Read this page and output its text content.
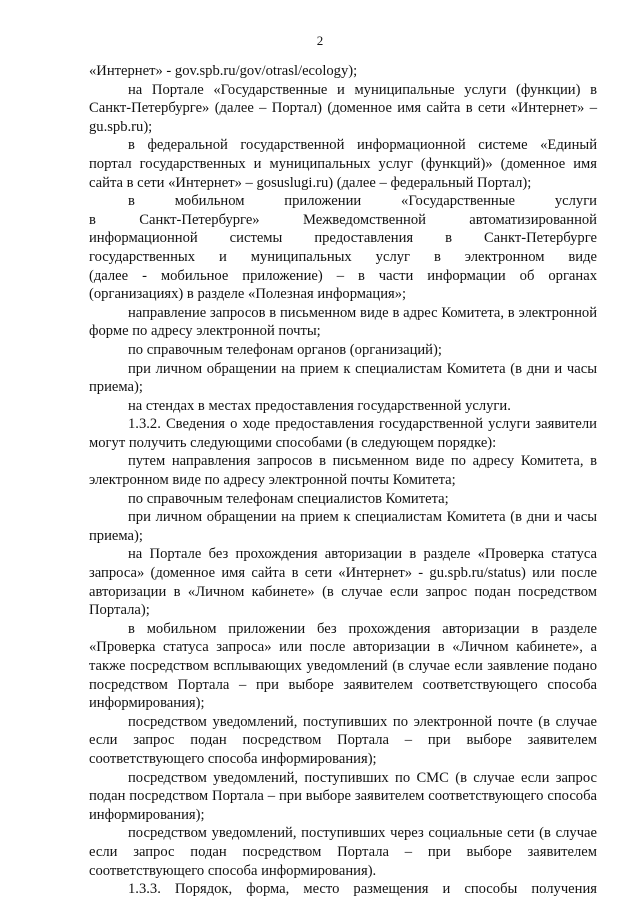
2
«Интернет» - gov.spb.ru/gov/otrasl/ecology);
на Портале «Государственные и муниципальные услуги (функции) в Санкт-Петербурге» (далее – Портал) (доменное имя сайта в сети «Интернет» – gu.spb.ru);
в федеральной государственной информационной системе «Единый портал государственных и муниципальных услуг (функций)» (доменное имя сайта в сети «Интернет» – gosuslugi.ru) (далее – федеральный Портал);
в мобильном приложении «Государственные услуги
в Санкт-Петербурге» Межведомственной автоматизированной
информационной системы предоставления в Санкт-Петербурге
государственных и муниципальных услуг в электронном виде
(далее - мобильное приложение) – в части информации об органах (организациях) в разделе «Полезная информация»;
направление запросов в письменном виде в адрес Комитета, в электронной форме по адресу электронной почты;
по справочным телефонам органов (организаций);
при личном обращении на прием к специалистам Комитета (в дни и часы приема);
на стендах в местах предоставления государственной услуги.
1.3.2. Сведения о ходе предоставления государственной услуги заявители могут получить следующими способами (в следующем порядке):
путем направления запросов в письменном виде по адресу Комитета, в электронном виде по адресу электронной почты Комитета;
по справочным телефонам специалистов Комитета;
при личном обращении на прием к специалистам Комитета (в дни и часы приема);
на Портале без прохождения авторизации в разделе «Проверка статуса запроса» (доменное имя сайта в сети «Интернет» - gu.spb.ru/status) или после авторизации в «Личном кабинете» (в случае если запрос подан посредством Портала);
в мобильном приложении без прохождения авторизации в разделе «Проверка статуса запроса» или после авторизации в «Личном кабинете», а также посредством всплывающих уведомлений (в случае если заявление подано посредством Портала – при выборе заявителем соответствующего способа информирования);
посредством уведомлений, поступивших по электронной почте (в случае если запрос подан посредством Портала – при выборе заявителем соответствующего способа информирования);
посредством уведомлений, поступивших по СМС (в случае если запрос подан посредством Портала – при выборе заявителем соответствующего способа информирования);
посредством уведомлений, поступивших через социальные сети (в случае если запрос подан посредством Портала – при выборе заявителем соответствующего способа информирования).
1.3.3. Порядок, форма, место размещения и способы получения
